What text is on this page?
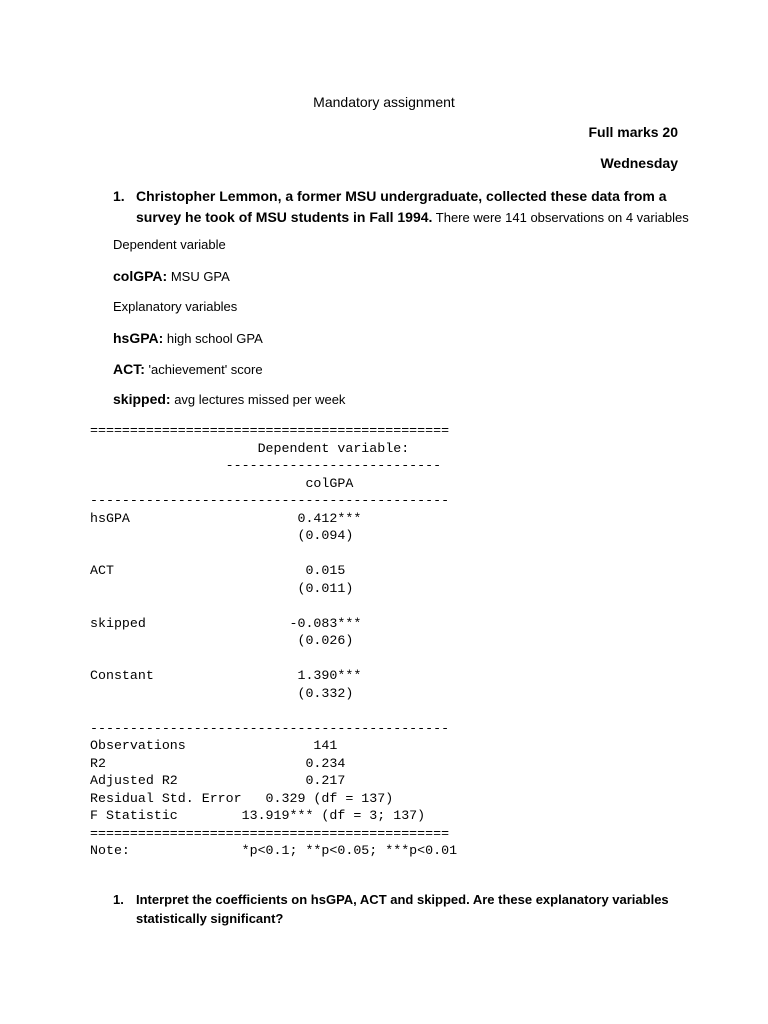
Mandatory assignment
Full marks 20
Wednesday
1. Christopher Lemmon, a former MSU undergraduate, collected these data from a survey he took of MSU students in Fall 1994. There were 141 observations on 4 variables
Dependent variable
colGPA: MSU GPA
Explanatory variables
hsGPA: high school GPA
ACT: 'achievement' score
skipped: avg lectures missed per week
=============================================
Dependent variable:
---------------------------
colGPA
---------------------------------------------
hsGPA                     0.412***
(0.094)

ACT                        0.015
(0.011)

skipped                  -0.083***
(0.026)

Constant                  1.390***
(0.332)

---------------------------------------------
Observations                141
R2                         0.234
Adjusted R2                0.217
Residual Std. Error   0.329 (df = 137)
F Statistic        13.919*** (df = 3; 137)
=============================================
Note:              *p<0.1; **p<0.05; ***p<0.01
1. Interpret the coefficients on hsGPA, ACT and skipped. Are these explanatory variables statistically significant?
